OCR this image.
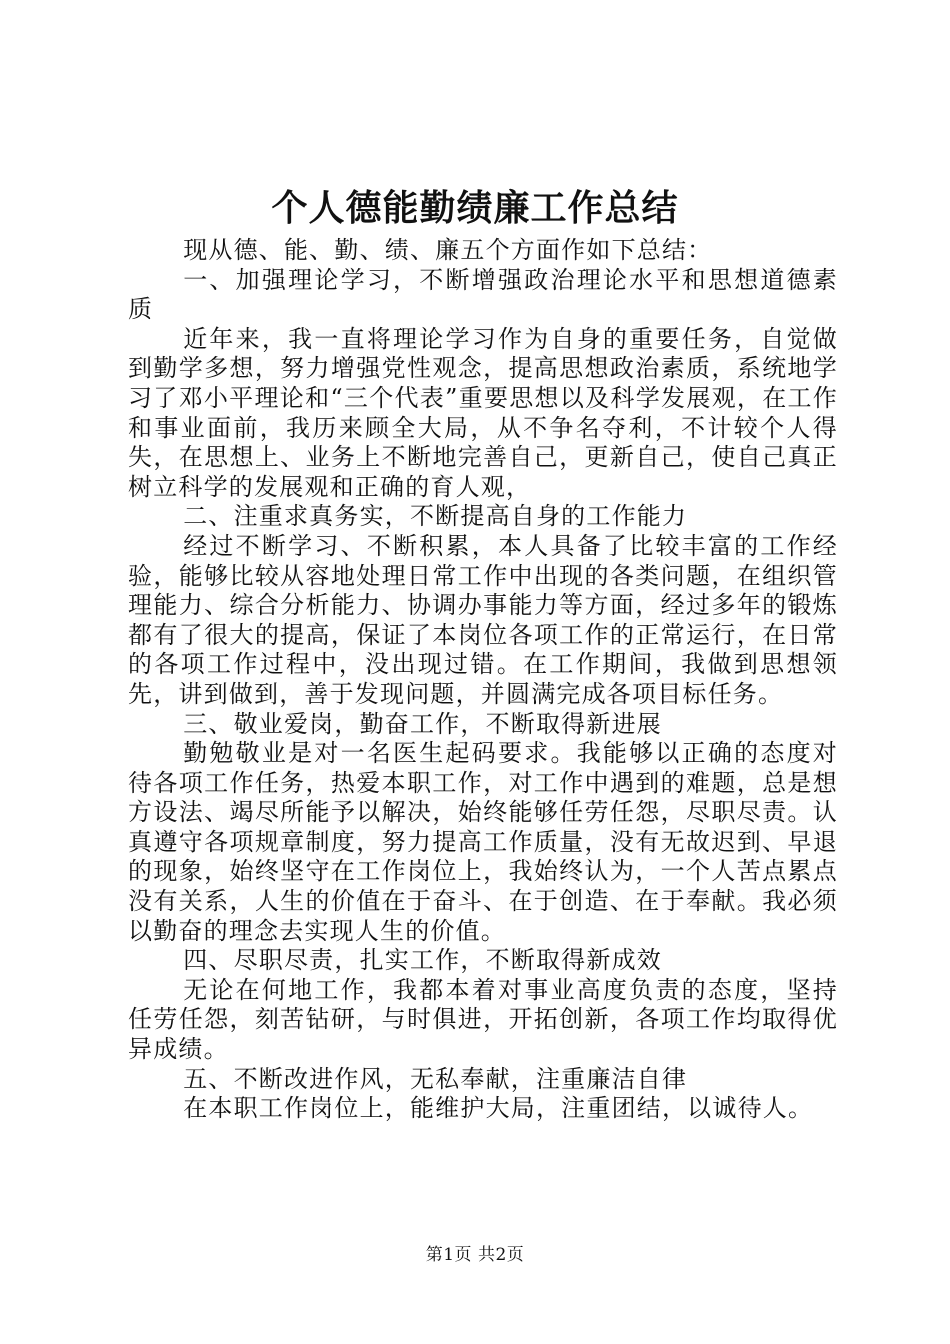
个人德能勤绩廉工作总结

现从德、能、勤、绩、廉五个方面作如下总结：

一、加强理论学习，不断增强政治理论水平和思想道德素质

近年来，我一直将理论学习作为自身的重要任务，自觉做到勤学多想，努力增强党性观念，提高思想政治素质，系统地学习了邓小平理论和“三个代表”重要思想以及科学发展观，在工作和事业面前，我历来顾全大局，从不争名夺利，不计较个人得失，在思想上、业务上不断地完善自己，更新自己，使自己真正树立科学的发展观和正确的育人观，

二、注重求真务实，不断提高自身的工作能力

经过不断学习、不断积累，本人具备了比较丰富的工作经验，能够比较从容地处理日常工作中出现的各类问题，在组织管理能力、综合分析能力、协调办事能力等方面，经过多年的锻炼都有了很大的提高，保证了本岗位各项工作的正常运行，在日常的各项工作过程中，没出现过错。在工作期间，我做到思想领先，讲到做到，善于发现问题，并圆满完成各项目标任务。

三、敬业爱岗，勤奋工作，不断取得新进展

勤勉敬业是对一名医生起码要求。我能够以正确的态度对待各项工作任务，热爱本职工作，对工作中遇到的难题，总是想方设法、竭尽所能予以解决，始终能够任劳任怨，尽职尽责。认真遵守各项规章制度，努力提高工作质量，没有无故迟到、早退的现象，始终坚守在工作岗位上，我始终认为，一个人苦点累点没有关系，人生的价值在于奋斗、在于创造、在于奉献。我必须以勤奋的理念去实现人生的价值。

四、尽职尽责，扎实工作，不断取得新成效

无论在何地工作，我都本着对事业高度负责的态度，坚持任劳任怨，刻苦钻研，与时俱进，开拓创新，各项工作均取得优异成绩。

五、不断改进作风，无私奉献，注重廉洁自律

在本职工作岗位上，能维护大局，注重团结，以诚待人。

第1页 共2页
